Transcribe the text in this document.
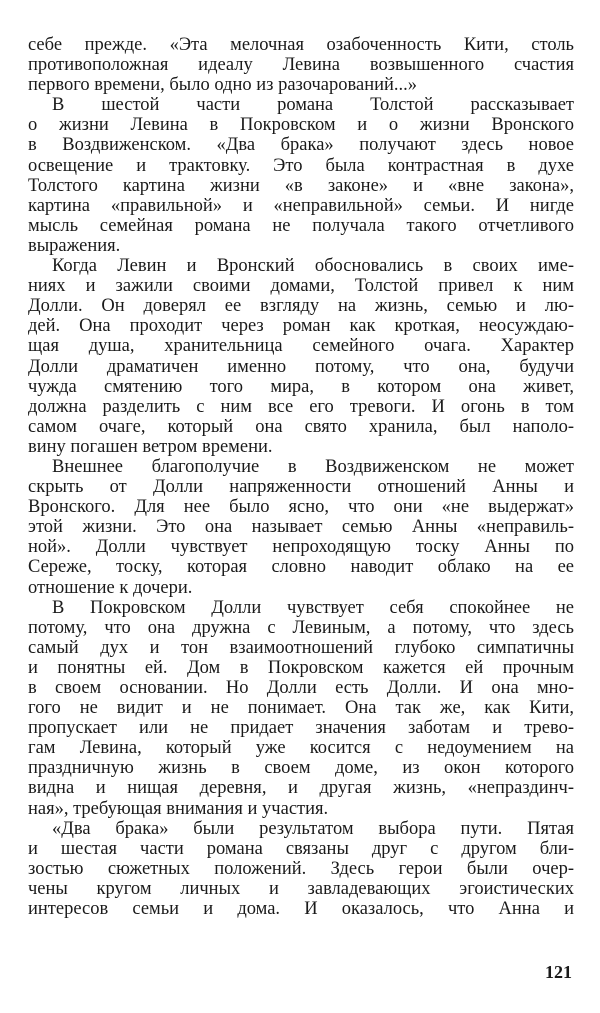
себе прежде. «Эта мелочная озабоченность Кити, столь
противоположная идеалу Левина возвышенного счастия
первого времени, было одно из разочарований...»
В шестой части романа Толстой рассказывает
о жизни Левина в Покровском и о жизни Вронского
в Воздвиженском. «Два брака» получают здесь новое
освещение и трактовку. Это была контрастная в духе
Толстого картина жизни «в законе» и «вне закона»,
картина «правильной» и «неправильной» семьи. И нигде
мысль семейная романа не получала такого отчетливого
выражения.
Когда Левин и Вронский обосновались в своих име-
ниях и зажили своими домами, Толстой привел к ним
Долли. Он доверял ее взгляду на жизнь, семью и лю-
дей. Она проходит через роман как кроткая, неосуждаю-
щая душа, хранительница семейного очага. Характер
Долли драматичен именно потому, что она, будучи
чужда смятению того мира, в котором она живет,
должна разделить с ним все его тревоги. И огонь в том
самом очаге, который она свято хранила, был наполо-
вину погашен ветром времени.
Внешнее благополучие в Воздвиженском не может
скрыть от Долли напряженности отношений Анны и
Вронского. Для нее было ясно, что они «не выдержат»
этой жизни. Это она называет семью Анны «неправиль-
ной». Долли чувствует непроходящую тоску Анны по
Сереже, тоску, которая словно наводит облако на ее
отношение к дочери.
В Покровском Долли чувствует себя спокойнее не
потому, что она дружна с Левиным, а потому, что здесь
самый дух и тон взаимоотношений глубоко симпатичны
и понятны ей. Дом в Покровском кажется ей прочным
в своем основании. Но Долли есть Долли. И она мно-
гого не видит и не понимает. Она так же, как Кити,
пропускает или не придает значения заботам и трево-
гам Левина, который уже косится с недоумением на
праздничную жизнь в своем доме, из окон которого
видна и нищая деревня, и другая жизнь, «непраздинч-
ная», требующая внимания и участия.
«Два брака» были результатом выбора пути. Пятая
и шестая части романа связаны друг с другом бли-
зостью сюжетных положений. Здесь герои были очер-
чены кругом личных и завладевающих эгоистических
интересов семьи и дома. И оказалось, что Анна и
121
